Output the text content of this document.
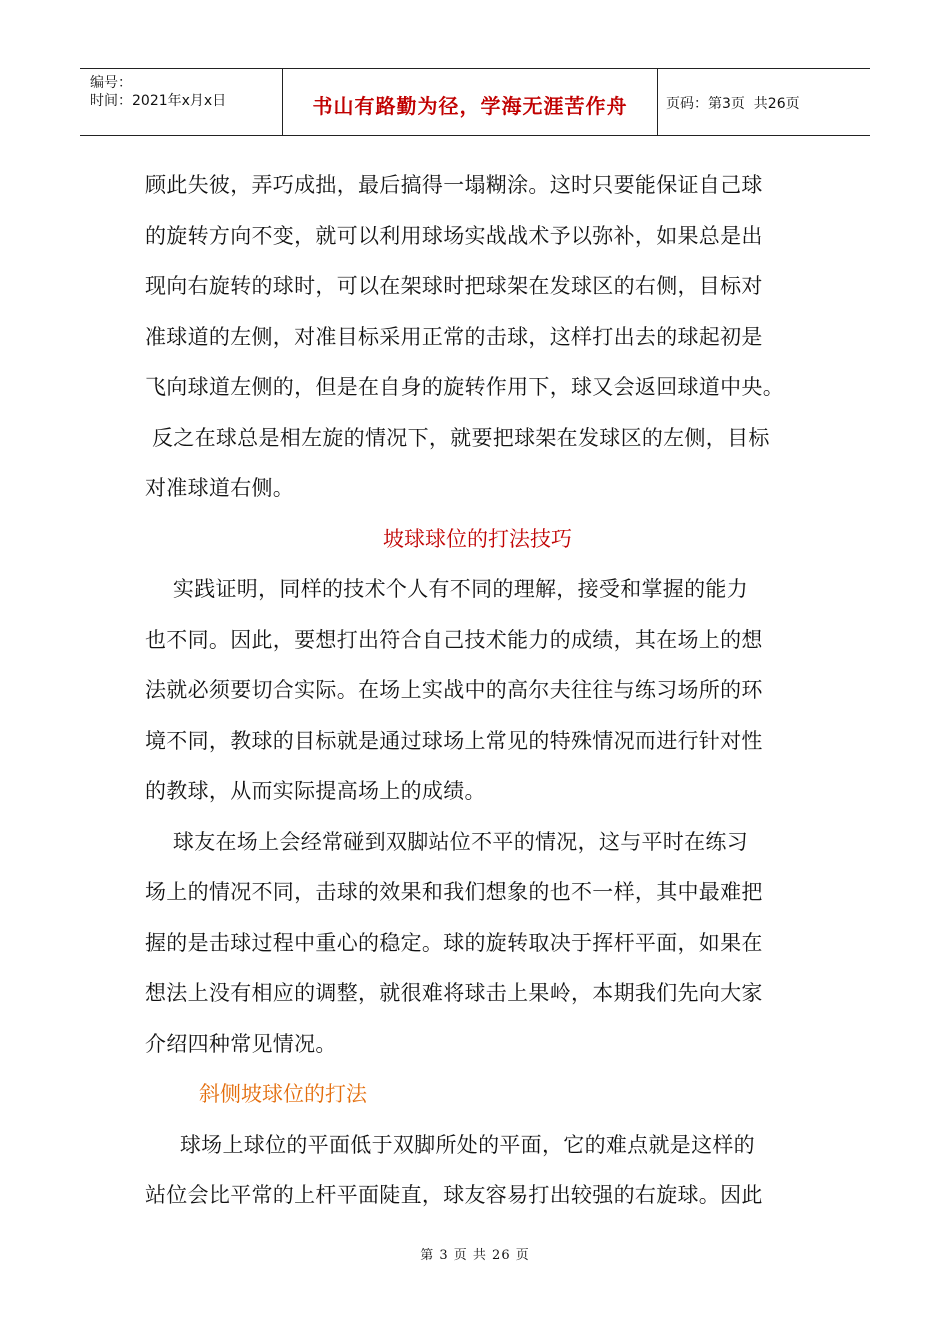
编号：
时间：2021年x月x日	书山有路勤为径，学海无涯苦作舟	页码：第3页  共26页
顾此失彼，弄巧成拙，最后搞得一塌糊涂。这时只要能保证自己球
的旋转方向不变，就可以利用球场实战战术予以弥补，如果总是出
现向右旋转的球时，可以在架球时把球架在发球区的右侧，目标对
准球道的左侧，对准目标采用正常的击球，这样打出去的球起初是
飞向球道左侧的，但是在自身的旋转作用下，球又会返回球道中央。
反之在球总是相左旋的情况下，就要把球架在发球区的左侧，目标
对准球道右侧。
坡球球位的打法技巧
实践证明，同样的技术个人有不同的理解，接受和掌握的能力
也不同。因此，要想打出符合自己技术能力的成绩，其在场上的想
法就必须要切合实际。在场上实战中的高尔夫往往与练习场所的环
境不同，教球的目标就是通过球场上常见的特殊情况而进行针对性
的教球，从而实际提高场上的成绩。
球友在场上会经常碰到双脚站位不平的情况，这与平时在练习
场上的情况不同，击球的效果和我们想象的也不一样，其中最难把
握的是击球过程中重心的稳定。球的旋转取决于挥杆平面，如果在
想法上没有相应的调整，就很难将球击上果岭，本期我们先向大家
介绍四种常见情况。
斜侧坡球位的打法
球场上球位的平面低于双脚所处的平面，它的难点就是这样的
站位会比平常的上杆平面陡直，球友容易打出较强的右旋球。因此
第 3 页 共 26 页
